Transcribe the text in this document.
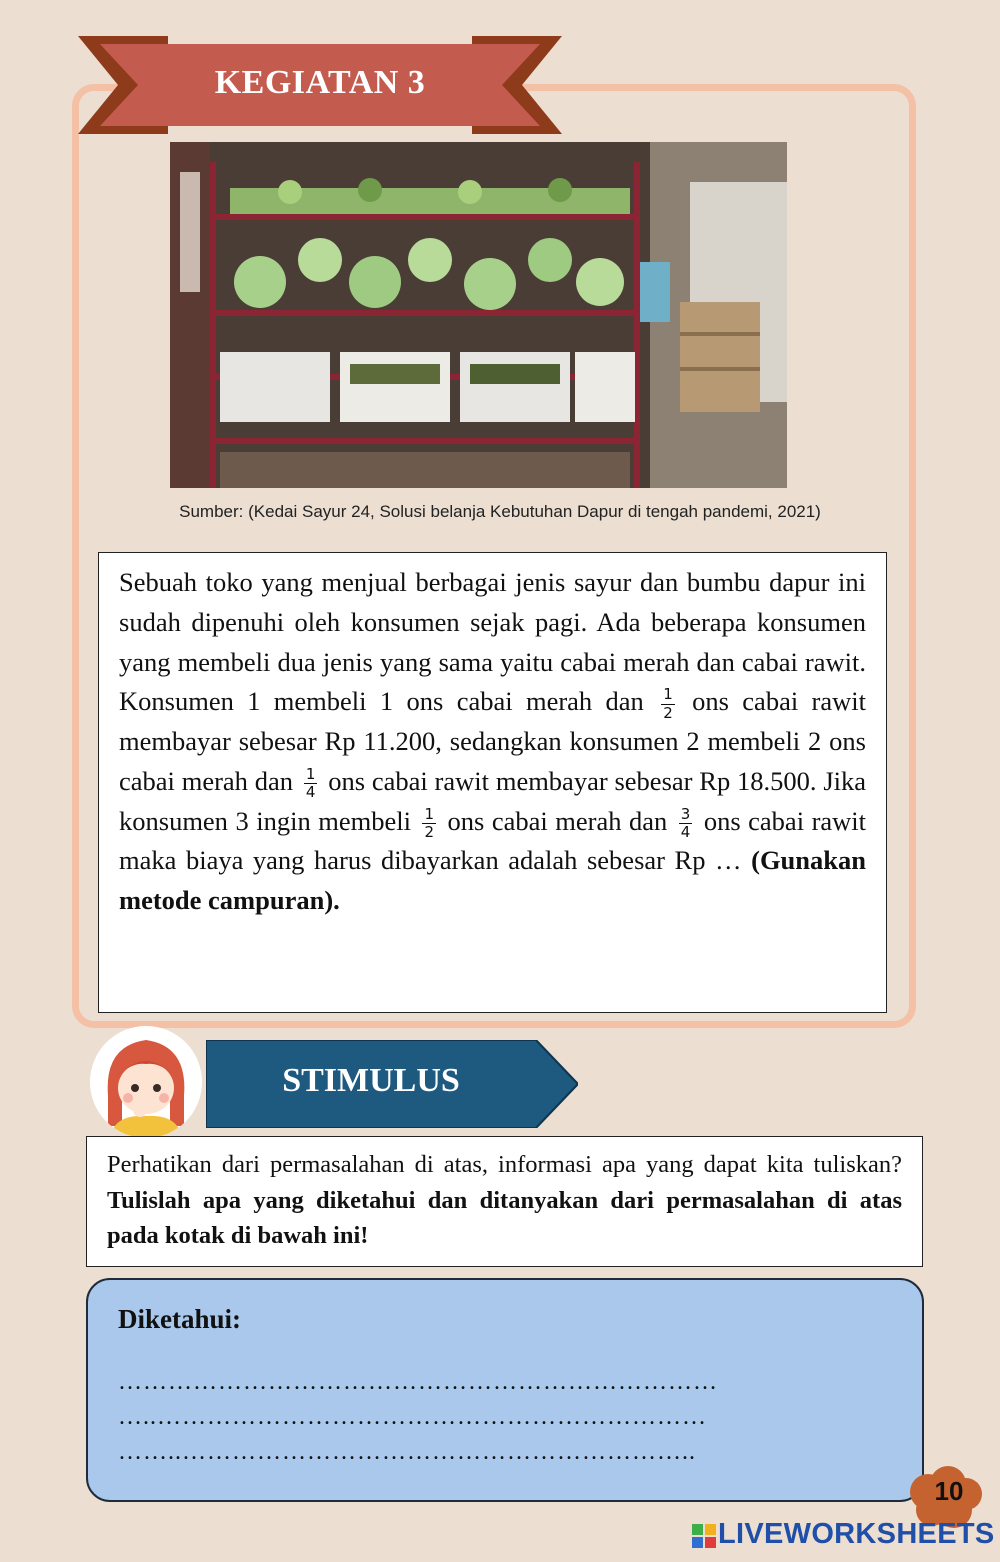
KEGIATAN 3
Sumber: (Kedai Sayur 24, Solusi belanja Kebutuhan Dapur di tengah pandemi, 2021)

Sebuah toko yang menjual berbagai jenis sayur dan bumbu dapur ini sudah dipenuhi oleh konsumen sejak pagi. Ada beberapa konsumen yang membeli dua jenis yang sama yaitu cabai merah dan cabai rawit. Konsumen 1 membeli 1 ons cabai merah dan $\frac{1}{2}$ ons cabai rawit membayar sebesar Rp 11.200, sedangkan konsumen 2 membeli 2 ons cabai merah dan $\frac{1}{4}$ ons cabai rawit membayar sebesar Rp 18.500. Jika konsumen 3 ingin membeli $\frac{1}{2}$ ons cabai merah dan $\frac{3}{4}$ ons cabai rawit maka biaya yang harus dibayarkan adalah sebesar Rp … (Gunakan metode campuran).

STIMULUS

Perhatikan dari permasalahan di atas, informasi apa yang dapat kita tuliskan? Tulislah apa yang diketahui dan ditanyakan dari permasalahan di atas pada kotak di bawah ini!

Diketahui:
………………………………………………………………
…..…………………………………………………………
……..……………………………………………………..
10
LIVEWORKSHEETS
